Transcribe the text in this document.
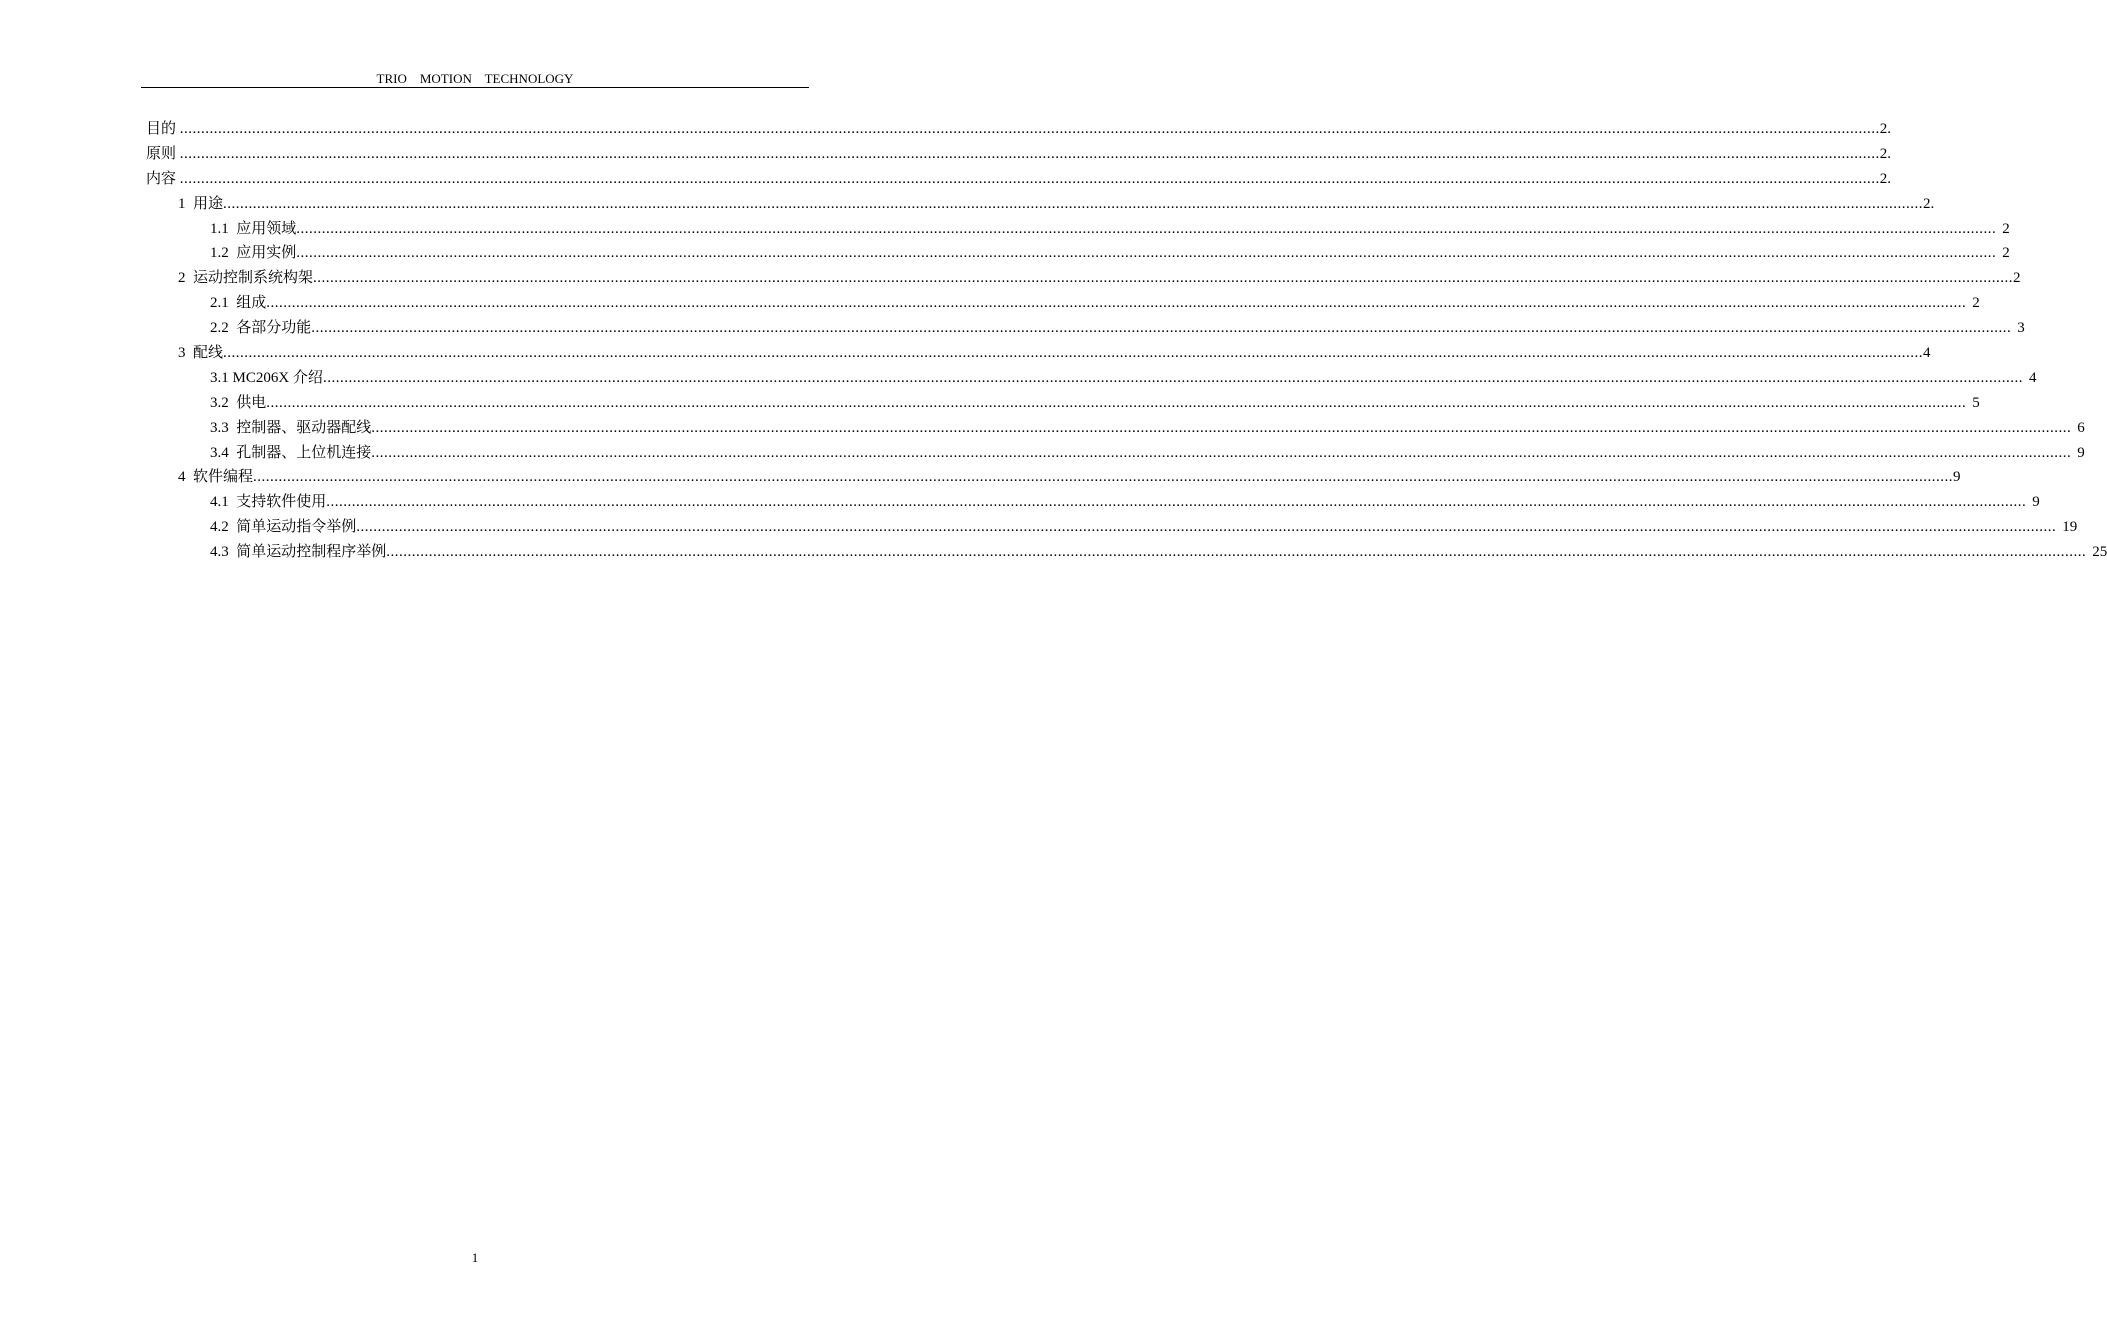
TRIO    MOTION    TECHNOLOGY
目的 ................................................................................................................................................................................................................................................................................................................................................................................................................ 2.
原则 ................................................................................................................................................................................................................................................................................................................................................................................................................ 2.
内容 ................................................................................................................................................................................................................................................................................................................................................................................................................ 2.
1  用途 ................................................................................................................................................................................................................................................................................................................................................................................................................ 2.
1.1  应用领域 ................................................................................................................................................................................................................................................................................................................................................................................................................ 2
1.2  应用实例 ................................................................................................................................................................................................................................................................................................................................................................................................................ 2
2  运动控制系统构架 ................................................................................................................................................................................................................................................................................................................................................................................................................ 2
2.1  组成 ................................................................................................................................................................................................................................................................................................................................................................................................................ 2
2.2  各部分功能 ................................................................................................................................................................................................................................................................................................................................................................................................................ 3
3  配线 ................................................................................................................................................................................................................................................................................................................................................................................................................ 4
3.1 MC206X 介绍 ................................................................................................................................................................................................................................................................................................................................................................................................................ 4
3.2  供电 ................................................................................................................................................................................................................................................................................................................................................................................................................ 5
3.3  控制器、驱动器配线 ................................................................................................................................................................................................................................................................................................................................................................................................................ 6
3.4  孔制器、上位机连接 ................................................................................................................................................................................................................................................................................................................................................................................................................ 9
4  软件编程 ................................................................................................................................................................................................................................................................................................................................................................................................................ 9
4.1  支持软件使用 ................................................................................................................................................................................................................................................................................................................................................................................................................ 9
4.2  简单运动指令举例 ................................................................................................................................................................................................................................................................................................................................................................................................................ 19
4.3  简单运动控制程序举例 ................................................................................................................................................................................................................................................................................................................................................................................................................ 25
1
